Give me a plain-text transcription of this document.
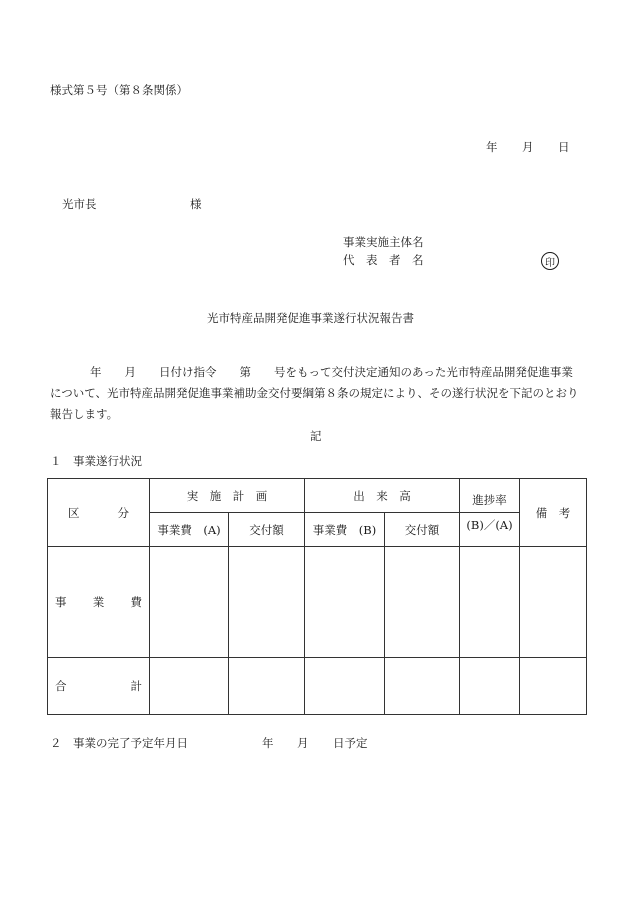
様式第５号（第８条関係）
年 月 日
光市長	様
事業実施主体名
代　表　者　名	印
光市特産品開発促進事業遂行状況報告書
年　　月　　日付け指令　　第　　号をもって交付決定通知のあった光市特産品開発促進事業について、光市特産品開発促進事業補助金交付要綱第８条の規定により、その遂行状況を下記のとおり報告します。
記
１　事業遂行状況
区 分	実　施　計　画		出　来　高		進捗率	備　考
	事業費　(A)	交付額	事業費　(B)	交付額	(B)／(A)	

事 業 費						

合 計						

２　事業の完了予定年月日	年 月 日予定
